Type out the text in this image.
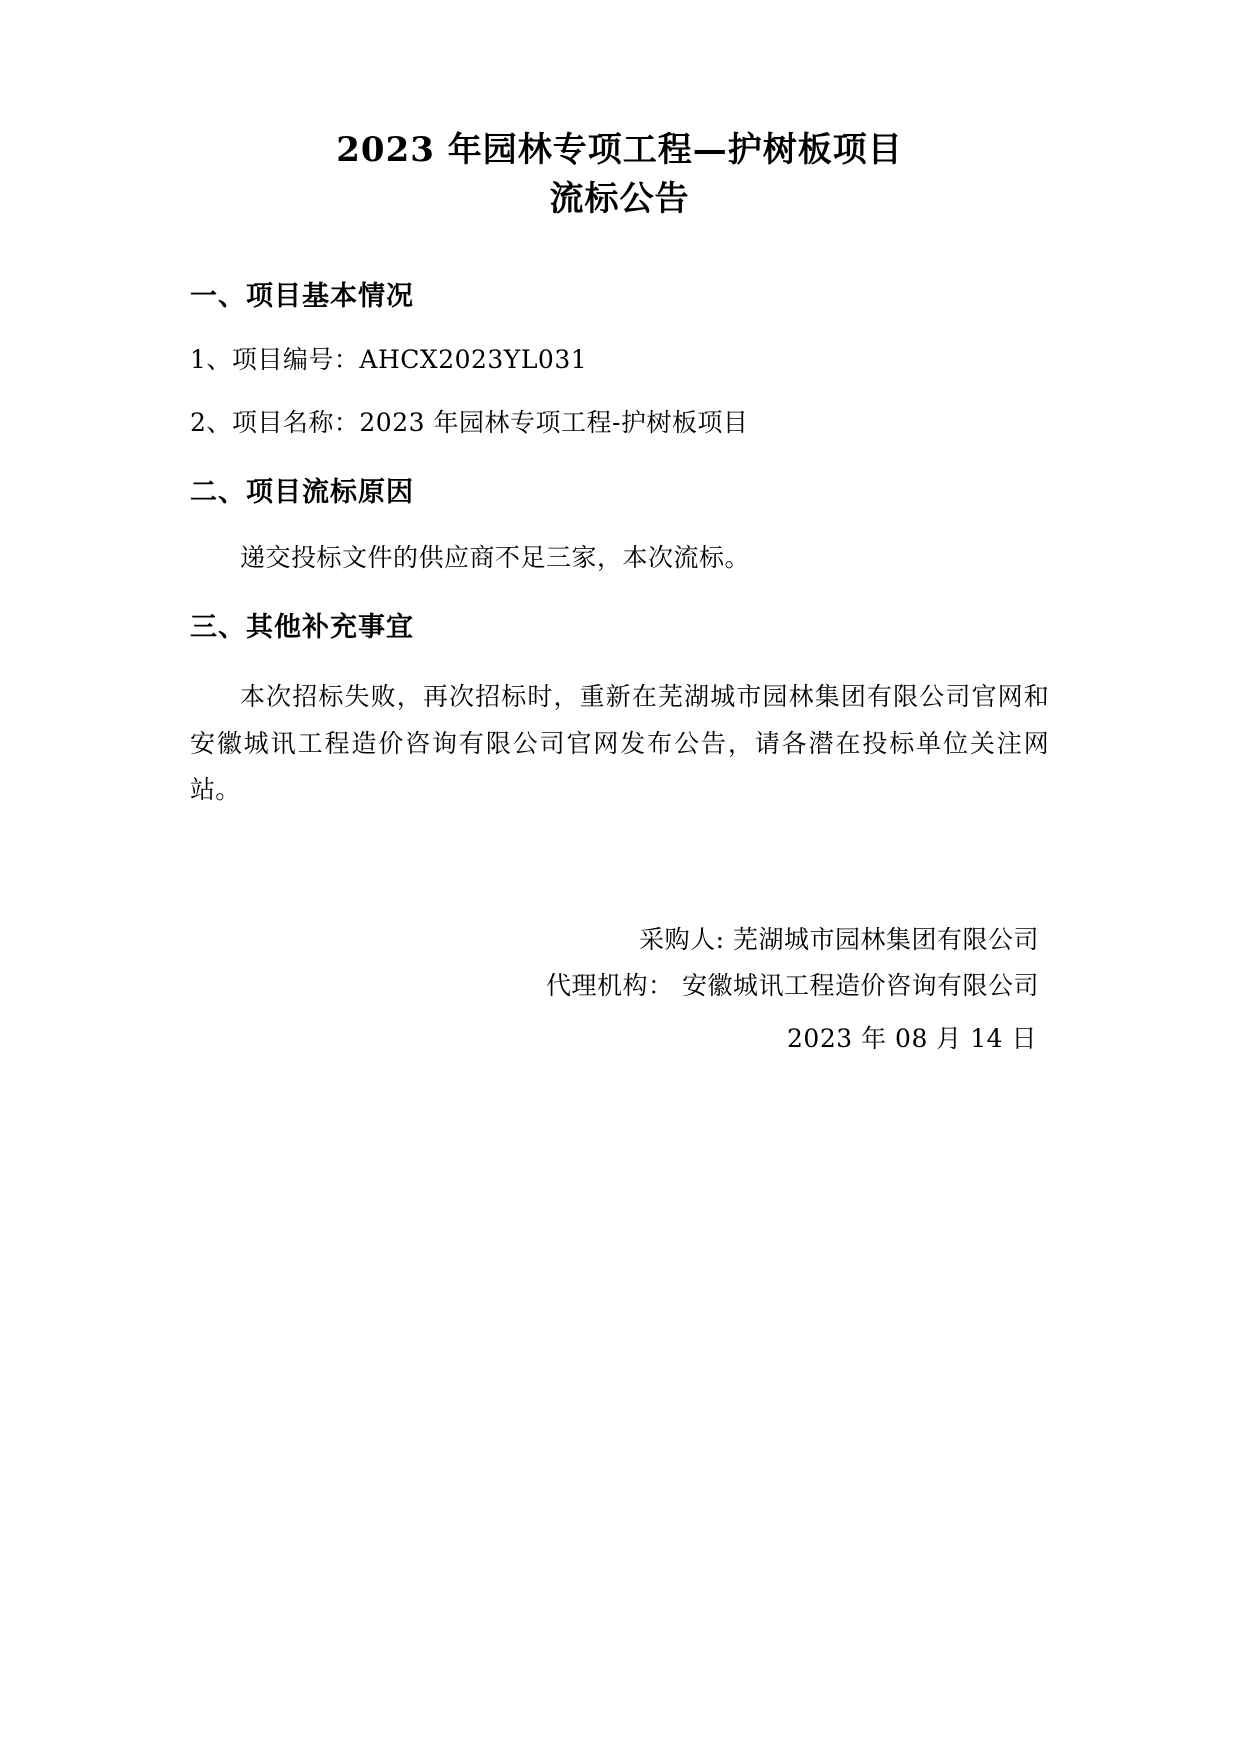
2023 年园林专项工程—护树板项目
流标公告
一、项目基本情况

1、项目编号：AHCX2023YL031

2、项目名称：2023 年园林专项工程-护树板项目

二、项目流标原因

递交投标文件的供应商不足三家，本次流标。

三、其他补充事宜

本次招标失败，再次招标时，重新在芜湖城市园林集团有限公司官网和安徽城讯工程造价咨询有限公司官网发布公告，请各潜在投标单位关注网站。

采购人: 芜湖城市园林集团有限公司
代理机构： 安徽城讯工程造价咨询有限公司
2023 年 08 月 14 日
